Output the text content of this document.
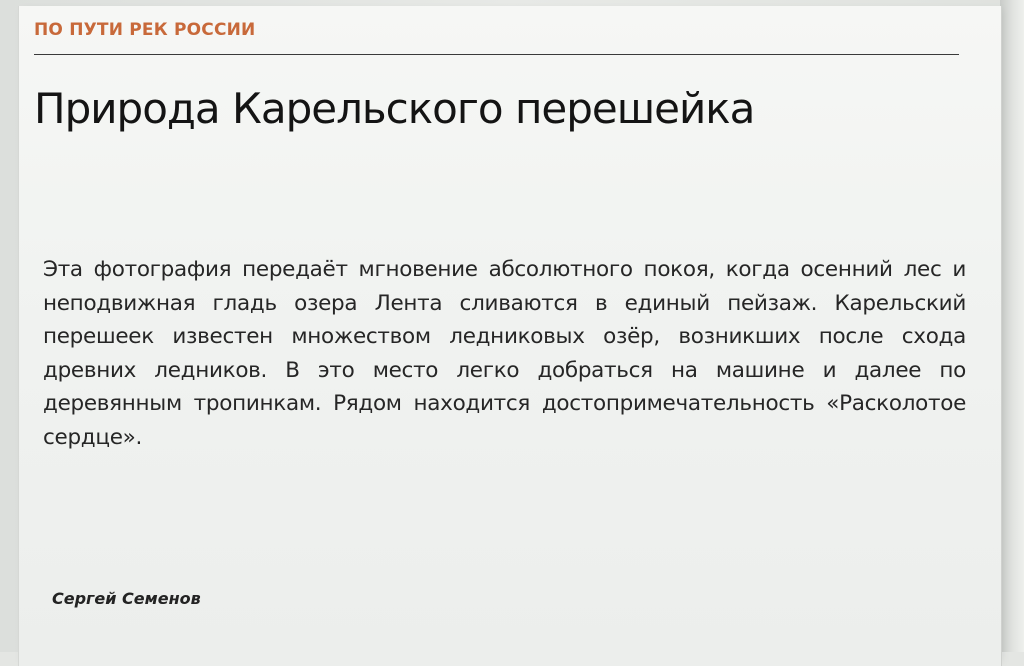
ПО ПУТИ РЕК РОССИИ
Природа Карельского перешейка
Эта фотография передаёт мгновение абсолютного покоя, когда осенний лес и неподвижная гладь озера Лента сливаются в единый пейзаж. Карельский перешеек известен множеством ледниковых озёр, возникших после схода древних ледников. В это место легко добраться на машине и далее по деревянным тропинкам. Рядом находится достопримечательность «Расколотое сердце».
Сергей Семенов
